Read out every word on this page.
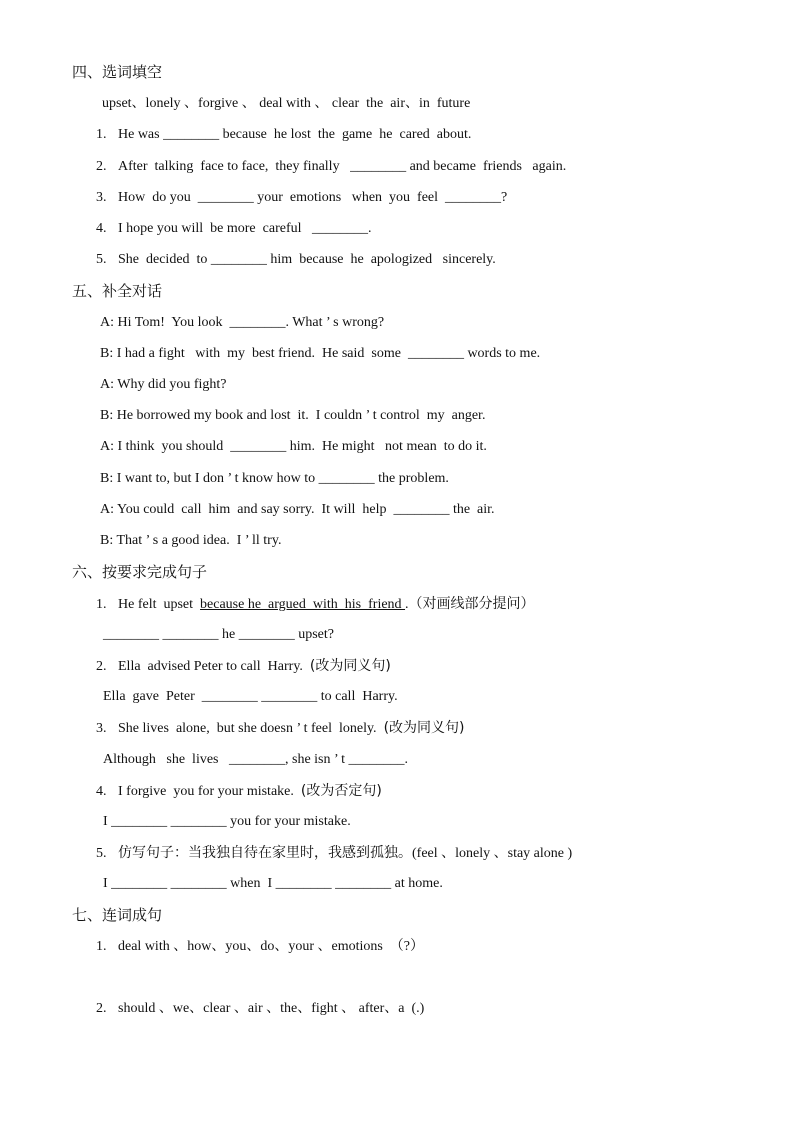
四、选词填空
upset、lonely 、forgive 、 deal with 、 clear  the  air、in  future
1. He was ________ because  he lost  the  game  he  cared  about.
2. After  talking  face to face,  they finally   ________ and became  friends   again.
3. How  do you  ________ your  emotions   when  you  feel  ________?
4. I hope you will  be more  careful   ________.
5. She  decided  to ________ him  because  he  apologized   sincerely.
五、补全对话
A: Hi Tom!  You look  ________. What ’ s wrong?
B: I had a fight   with  my  best friend.  He said  some  ________ words to me.
A: Why did you fight?
B: He borrowed my book and lost  it.  I couldn ’ t control  my  anger.
A: I think  you should  ________ him.  He might   not mean  to do it.
B: I want to, but I don ’ t know how to ________ the problem.
A: You could  call  him  and say sorry.  It will  help  ________ the  air.
B: That ’ s a good idea.  I ’ ll try.
六、按要求完成句子
1. He felt  upset  because he  argued  with  his  friend .（对画线部分提问）
________ ________ he ________ upset?
2. Ella  advised Peter to call  Harry.  (改为同义句)
Ella  gave  Peter  ________ ________ to call  Harry.
3. She lives  alone,  but she doesn ’ t feel  lonely.  (改为同义句)
Although   she  lives   ________, she isn ’ t ________.
4. I forgive  you for your mistake.  (改为否定句)
I ________ ________ you for your mistake.
5. 仿写句子：当我独自待在家里时，我感到孤独。(feel 、lonely 、stay alone )
I ________ ________ when  I ________ ________ at home.
七、连词成句
1. deal with 、how、you、do、your 、emotions  （?）
2. should 、we、clear 、air 、the、fight 、 after、a  (.)
